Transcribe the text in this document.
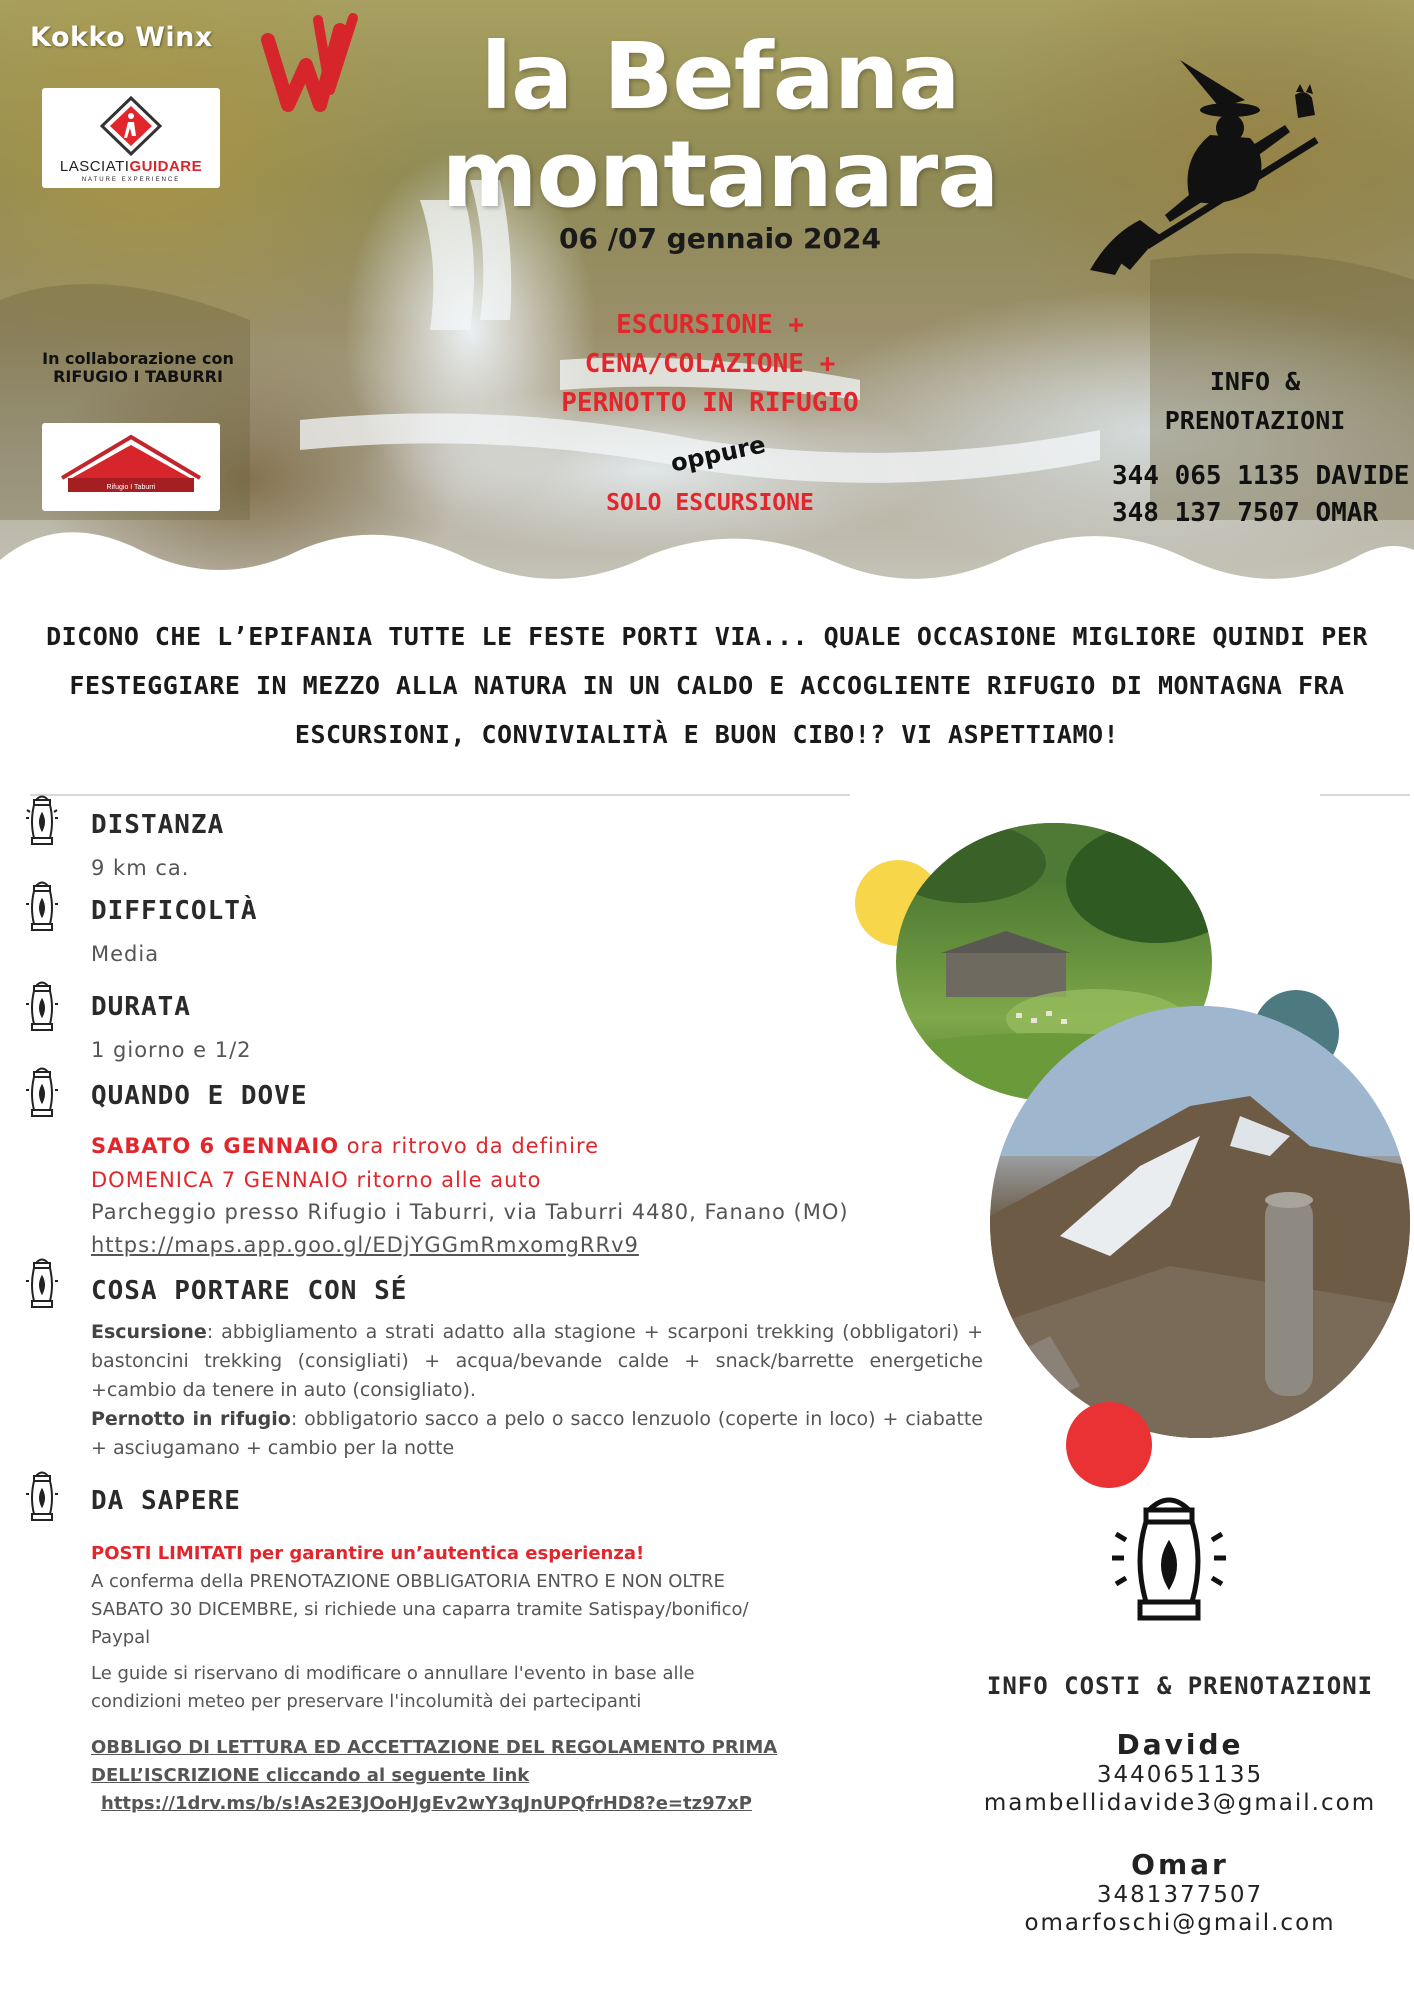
Kokko Winx
LASCIATIGUIDARE
NATURE EXPERIENCE
In collaborazione con
RIFUGIO I TABURRI
Rifugio I Taburri
la Befana
montanara
06 /07 gennaio 2024
ESCURSIONE +
CENA/COLAZIONE +
PERNOTTO IN RIFUGIO
oppure
SOLO ESCURSIONE
INFO &
PRENOTAZIONI
344 065 1135 DAVIDE
348 137 7507 OMAR
DICONO CHE L’EPIFANIA TUTTE LE FESTE PORTI VIA... QUALE OCCASIONE MIGLIORE QUINDI PER
FESTEGGIARE IN MEZZO ALLA NATURA IN UN CALDO E ACCOGLIENTE RIFUGIO DI MONTAGNA FRA
ESCURSIONI, CONVIVIALITÀ E BUON CIBO!? VI ASPETTIAMO!
DISTANZA
9 km ca.
DIFFICOLTÀ
Media
DURATA
1 giorno e 1/2
QUANDO E DOVE
SABATO 6 GENNAIO ora ritrovo da definire
DOMENICA 7 GENNAIO ritorno alle auto
Parcheggio presso Rifugio i Taburri, via Taburri 4480, Fanano (MO)
https://maps.app.goo.gl/EDjYGGmRmxomgRRv9
COSA PORTARE CON SÉ
Escursione: abbigliamento a strati adatto alla stagione + scarponi trekking (obbligatori) + bastoncini trekking (consigliati) + acqua/bevande calde + snack/barrette energetiche +cambio da tenere in auto (consigliato).
Pernotto in rifugio: obbligatorio sacco a pelo o sacco lenzuolo (coperte in loco) + ciabatte + asciugamano + cambio per la notte
DA SAPERE
POSTI LIMITATI per garantire un’autentica esperienza!
A conferma della PRENOTAZIONE OBBLIGATORIA ENTRO E NON OLTRE
SABATO 30 DICEMBRE, si richiede una caparra tramite Satispay/bonifico/
Paypal
Le guide si riservano di modificare o annullare l'evento in base alle
condizioni meteo per preservare l'incolumità dei partecipanti
OBBLIGO DI LETTURA ED ACCETTAZIONE DEL REGOLAMENTO PRIMA
DELL’ISCRIZIONE cliccando al seguente link
https://1drv.ms/b/s!As2E3JOoHJgEv2wY3qJnUPQfrHD8?e=tz97xP
INFO COSTI & PRENOTAZIONI
Davide
3440651135
mambellidavide3@gmail.com
Omar
3481377507
omarfoschi@gmail.com
